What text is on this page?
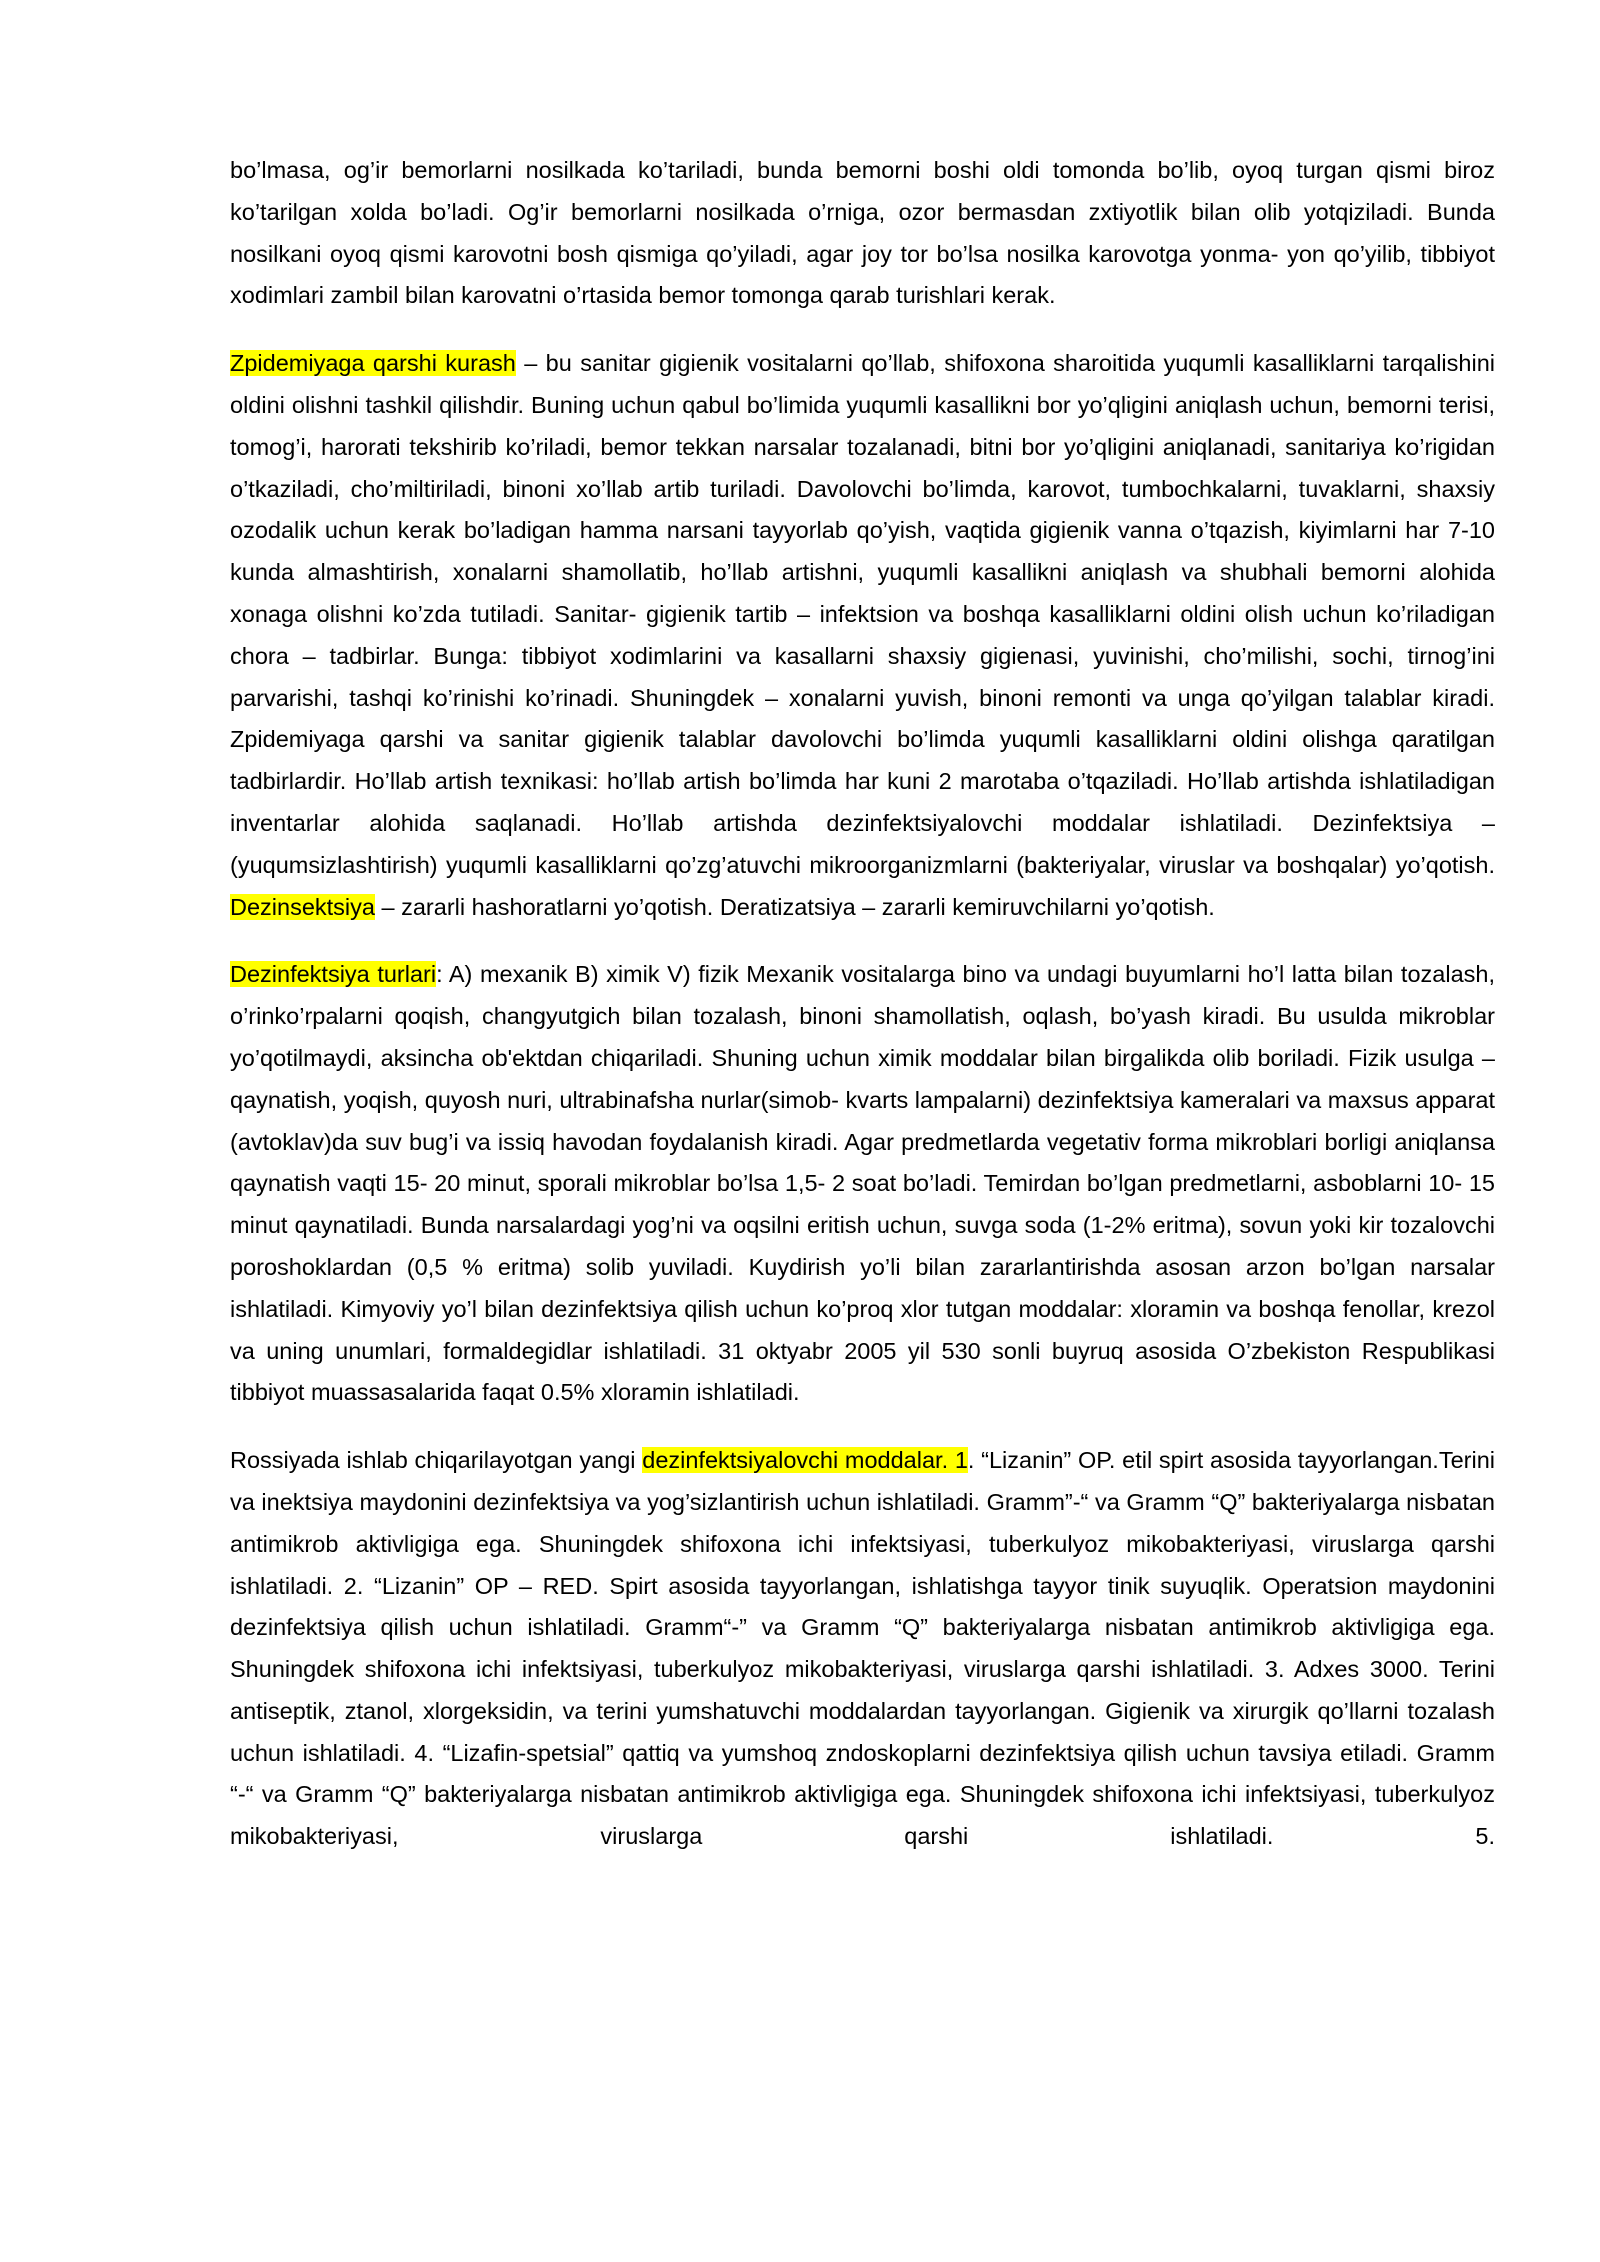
bo’lmasa, og’ir bemorlarni nosilkada ko’tariladi, bunda bemorni boshi oldi tomonda bo’lib, oyoq turgan qismi biroz ko’tarilgan xolda bo’ladi. Og’ir bemorlarni nosilkada o’rniga, ozor bermasdan zxtiyotlik bilan olib yotqiziladi. Bunda nosilkani oyoq qismi karovotni bosh qismiga qo’yiladi, agar joy tor bo’lsa nosilka karovotga yonma- yon qo’yilib, tibbiyot xodimlari zambil bilan karovatni o’rtasida bemor tomonga qarab turishlari kerak.

Zpidemiyaga qarshi kurash – bu sanitar gigienik vositalarni qo’llab, shifoxona sharoitida yuqumli kasalliklarni tarqalishini oldini olishni tashkil qilishdir. Buning uchun qabul bo’limida yuqumli kasallikni bor yo’qligini aniqlash uchun, bemorni terisi, tomog’i, harorati tekshirib ko’riladi, bemor tekkan narsalar tozalanadi, bitni bor yo’qligini aniqlanadi, sanitariya ko’rigidan o’tkaziladi, cho’miltiriladi, binoni xo’llab artib turiladi. Davolovchi bo’limda, karovot, tumbochkalarni, tuvaklarni, shaxsiy ozodalik uchun kerak bo’ladigan hamma narsani tayyorlab qo’yish, vaqtida gigienik vanna o’tqazish, kiyimlarni har 7-10 kunda almashtirish, xonalarni shamollatib, ho’llab artishni, yuqumli kasallikni aniqlash va shubhali bemorni alohida xonaga olishni ko’zda tutiladi. Sanitar- gigienik tartib – infektsion va boshqa kasalliklarni oldini olish uchun ko’riladigan chora – tadbirlar. Bunga: tibbiyot xodimlarini va kasallarni shaxsiy gigienasi, yuvinishi, cho’milishi, sochi, tirnog’ini parvarishi, tashqi ko’rinishi ko’rinadi. Shuningdek – xonalarni yuvish, binoni remonti va unga qo’yilgan talablar kiradi. Zpidemiyaga qarshi va sanitar gigienik talablar davolovchi bo’limda yuqumli kasalliklarni oldini olishga qaratilgan tadbirlardir. Ho’llab artish texnikasi: ho’llab artish bo’limda har kuni 2 marotaba o’tqaziladi. Ho’llab artishda ishlatiladigan inventarlar alohida saqlanadi. Ho’llab artishda dezinfektsiyalovchi moddalar ishlatiladi. Dezinfektsiya – (yuqumsizlashtirish) yuqumli kasalliklarni qo’zg’atuvchi mikroorganizmlarni (bakteriyalar, viruslar va boshqalar) yo’qotish. Dezinsektsiya – zararli hashoratlarni yo’qotish. Deratizatsiya – zararli kemiruvchilarni yo’qotish.

Dezinfektsiya turlari: A) mexanik B) ximik V) fizik Mexanik vositalarga bino va undagi buyumlarni ho’l latta bilan tozalash, o’rinko’rpalarni qoqish, changyutgich bilan tozalash, binoni shamollatish, oqlash, bo’yash kiradi. Bu usulda mikroblar yo’qotilmaydi, aksincha ob'ektdan chiqariladi. Shuning uchun ximik moddalar bilan birgalikda olib boriladi. Fizik usulga – qaynatish, yoqish, quyosh nuri, ultrabinafsha nurlar(simob- kvarts lampalarni) dezinfektsiya kameralari va maxsus apparat (avtoklav)da suv bug’i va issiq havodan foydalanish kiradi. Agar predmetlarda vegetativ forma mikroblari borligi aniqlansa qaynatish vaqti 15- 20 minut, sporali mikroblar bo’lsa 1,5- 2 soat bo’ladi. Temirdan bo’lgan predmetlarni, asboblarni 10- 15 minut qaynatiladi. Bunda narsalardagi yog’ni va oqsilni eritish uchun, suvga soda (1-2% eritma), sovun yoki kir tozalovchi poroshoklardan (0,5 % eritma) solib yuviladi. Kuydirish yo’li bilan zararlantirishda asosan arzon bo’lgan narsalar ishlatiladi. Kimyoviy yo’l bilan dezinfektsiya qilish uchun ko’proq xlor tutgan moddalar: xloramin va boshqa fenollar, krezol va uning unumlari, formaldegidlar ishlatiladi. 31 oktyabr 2005 yil 530 sonli buyruq asosida O’zbekiston Respublikasi tibbiyot muassasalarida faqat 0.5% xloramin ishlatiladi.

Rossiyada ishlab chiqarilayotgan yangi dezinfektsiyalovchi moddalar. 1. “Lizanin” OP. etil spirt asosida tayyorlangan.Terini va inektsiya maydonini dezinfektsiya va yog’sizlantirish uchun ishlatiladi. Gramm”-“ va Gramm “Q” bakteriyalarga nisbatan antimikrob aktivligiga ega. Shuningdek shifoxona ichi infektsiyasi, tuberkulyoz mikobakteriyasi, viruslarga qarshi ishlatiladi. 2. “Lizanin” OP – RED. Spirt asosida tayyorlangan, ishlatishga tayyor tinik suyuqlik. Operatsion maydonini dezinfektsiya qilish uchun ishlatiladi. Gramm“-” va Gramm “Q” bakteriyalarga nisbatan antimikrob aktivligiga ega. Shuningdek shifoxona ichi infektsiyasi, tuberkulyoz mikobakteriyasi, viruslarga qarshi ishlatiladi. 3. Adxes 3000. Terini antiseptik, ztanol, xlorgeksidin, va terini yumshatuvchi moddalardan tayyorlangan. Gigienik va xirurgik qo’llarni tozalash uchun ishlatiladi. 4. “Lizafin-spetsial” qattiq va yumshoq zndoskoplarni dezinfektsiya qilish uchun tavsiya etiladi. Gramm “-“ va Gramm “Q” bakteriyalarga nisbatan antimikrob aktivligiga ega. Shuningdek shifoxona ichi infektsiyasi, tuberkulyoz mikobakteriyasi, viruslarga qarshi ishlatiladi. 5.
